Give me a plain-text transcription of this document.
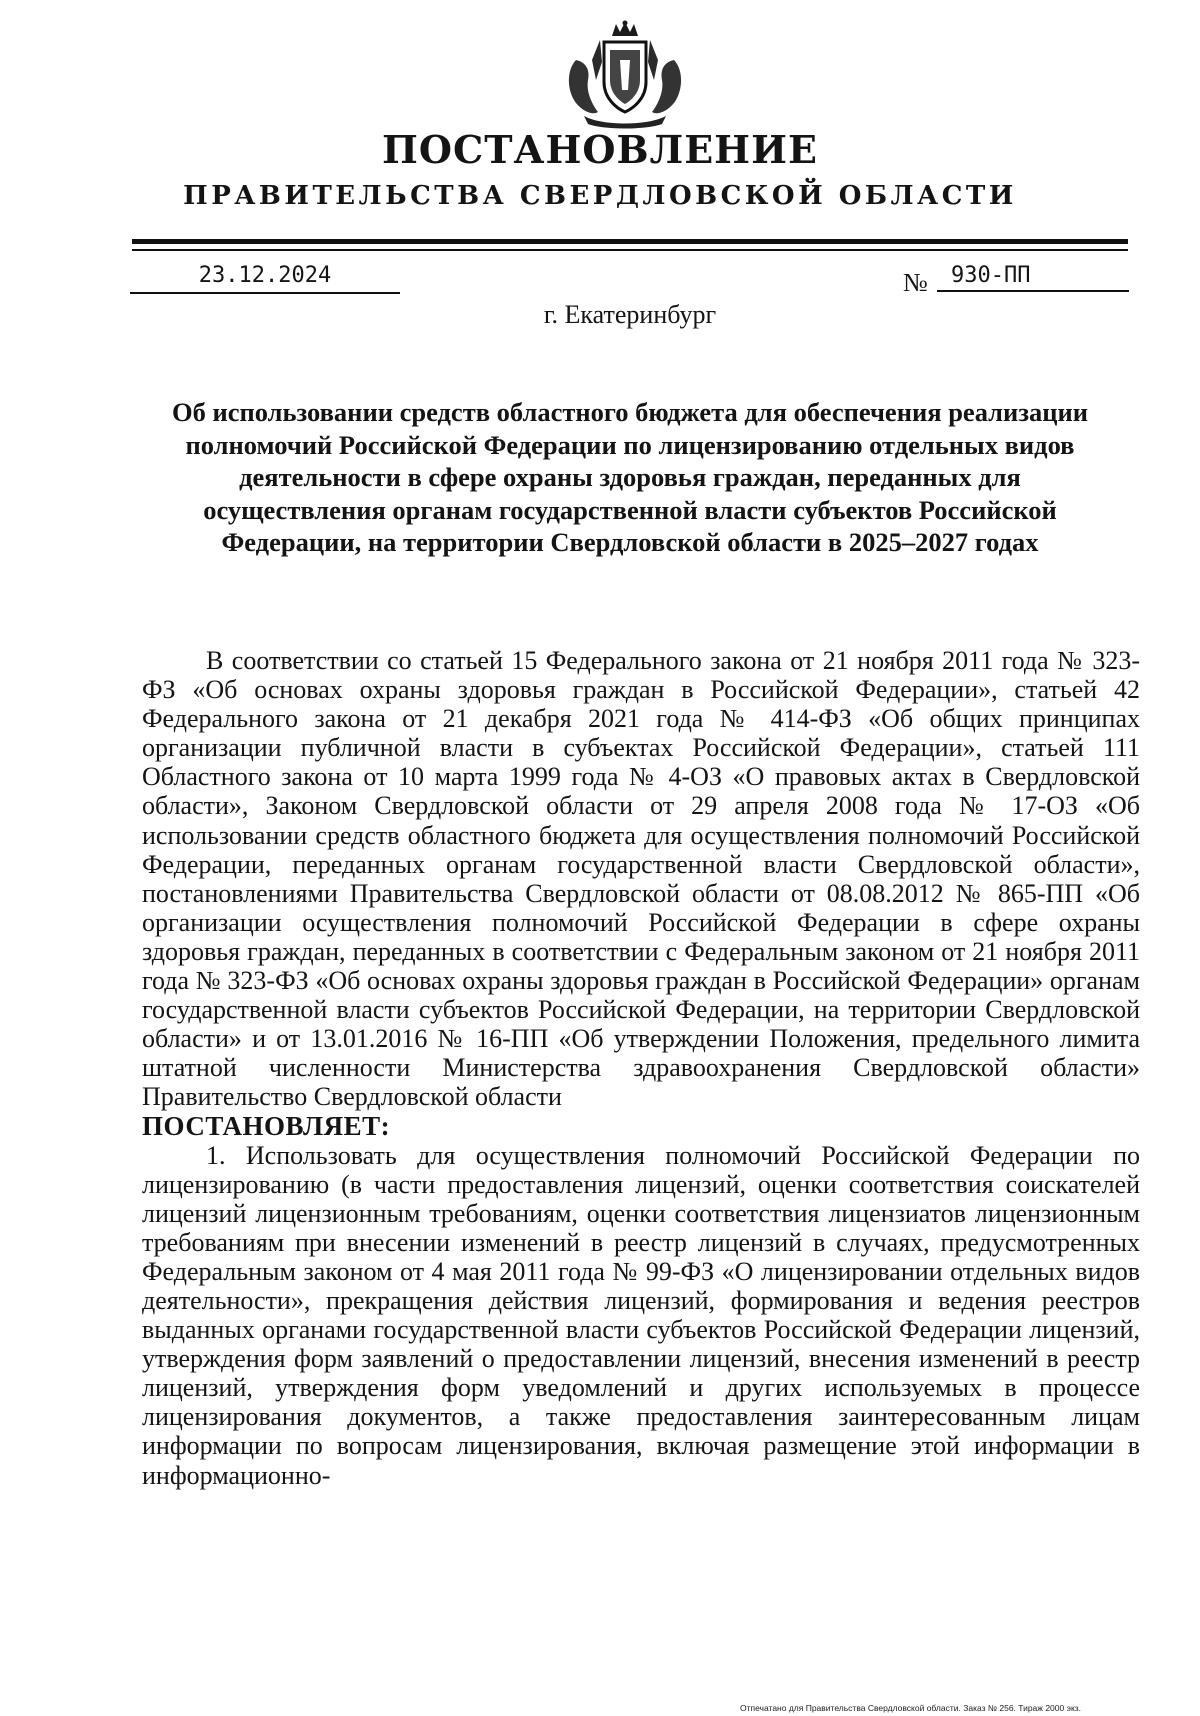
ПОСТАНОВЛЕНИЕ
ПРАВИТЕЛЬСТВА СВЕРДЛОВСКОЙ ОБЛАСТИ
23.12.2024	№	930-ПП
г. Екатеринбург
Об использовании средств областного бюджета для обеспечения реализации полномочий Российской Федерации по лицензированию отдельных видов деятельности в сфере охраны здоровья граждан, переданных для осуществления органам государственной власти субъектов Российской Федерации, на территории Свердловской области в 2025–2027 годах

В соответствии со статьей 15 Федерального закона от 21 ноября 2011 года № 323-ФЗ «Об основах охраны здоровья граждан в Российской Федерации», статьей 42 Федерального закона от 21 декабря 2021 года № 414-ФЗ «Об общих принципах организации публичной власти в субъектах Российской Федерации», статьей 111 Областного закона от 10 марта 1999 года № 4-ОЗ «О правовых актах в Свердловской области», Законом Свердловской области от 29 апреля 2008 года № 17-ОЗ «Об использовании средств областного бюджета для осуществления полномочий Российской Федерации, переданных органам государственной власти Свердловской области», постановлениями Правительства Свердловской области от 08.08.2012 № 865-ПП «Об организации осуществления полномочий Российской Федерации в сфере охраны здоровья граждан, переданных в соответствии с Федеральным законом от 21 ноября 2011 года № 323-ФЗ «Об основах охраны здоровья граждан в Российской Федерации» органам государственной власти субъектов Российской Федерации, на территории Свердловской области» и от 13.01.2016 № 16-ПП «Об утверждении Положения, предельного лимита штатной численности Министерства здравоохранения Свердловской области» Правительство Свердловской области

ПОСТАНОВЛЯЕТ:

1. Использовать для осуществления полномочий Российской Федерации по лицензированию (в части предоставления лицензий, оценки соответствия соискателей лицензий лицензионным требованиям, оценки соответствия лицензиатов лицензионным требованиям при внесении изменений в реестр лицензий в случаях, предусмотренных Федеральным законом от 4 мая 2011 года № 99-ФЗ «О лицензировании отдельных видов деятельности», прекращения действия лицензий, формирования и ведения реестров выданных органами государственной власти субъектов Российской Федерации лицензий, утверждения форм заявлений о предоставлении лицензий, внесения изменений в реестр лицензий, утверждения форм уведомлений и других используемых в процессе лицензирования документов, а также предоставления заинтересованным лицам информации по вопросам лицензирования, включая размещение этой информации в информационно-

Отпечатано для Правительства Свердловской области. Заказ № 256. Тираж 2000 экз.
